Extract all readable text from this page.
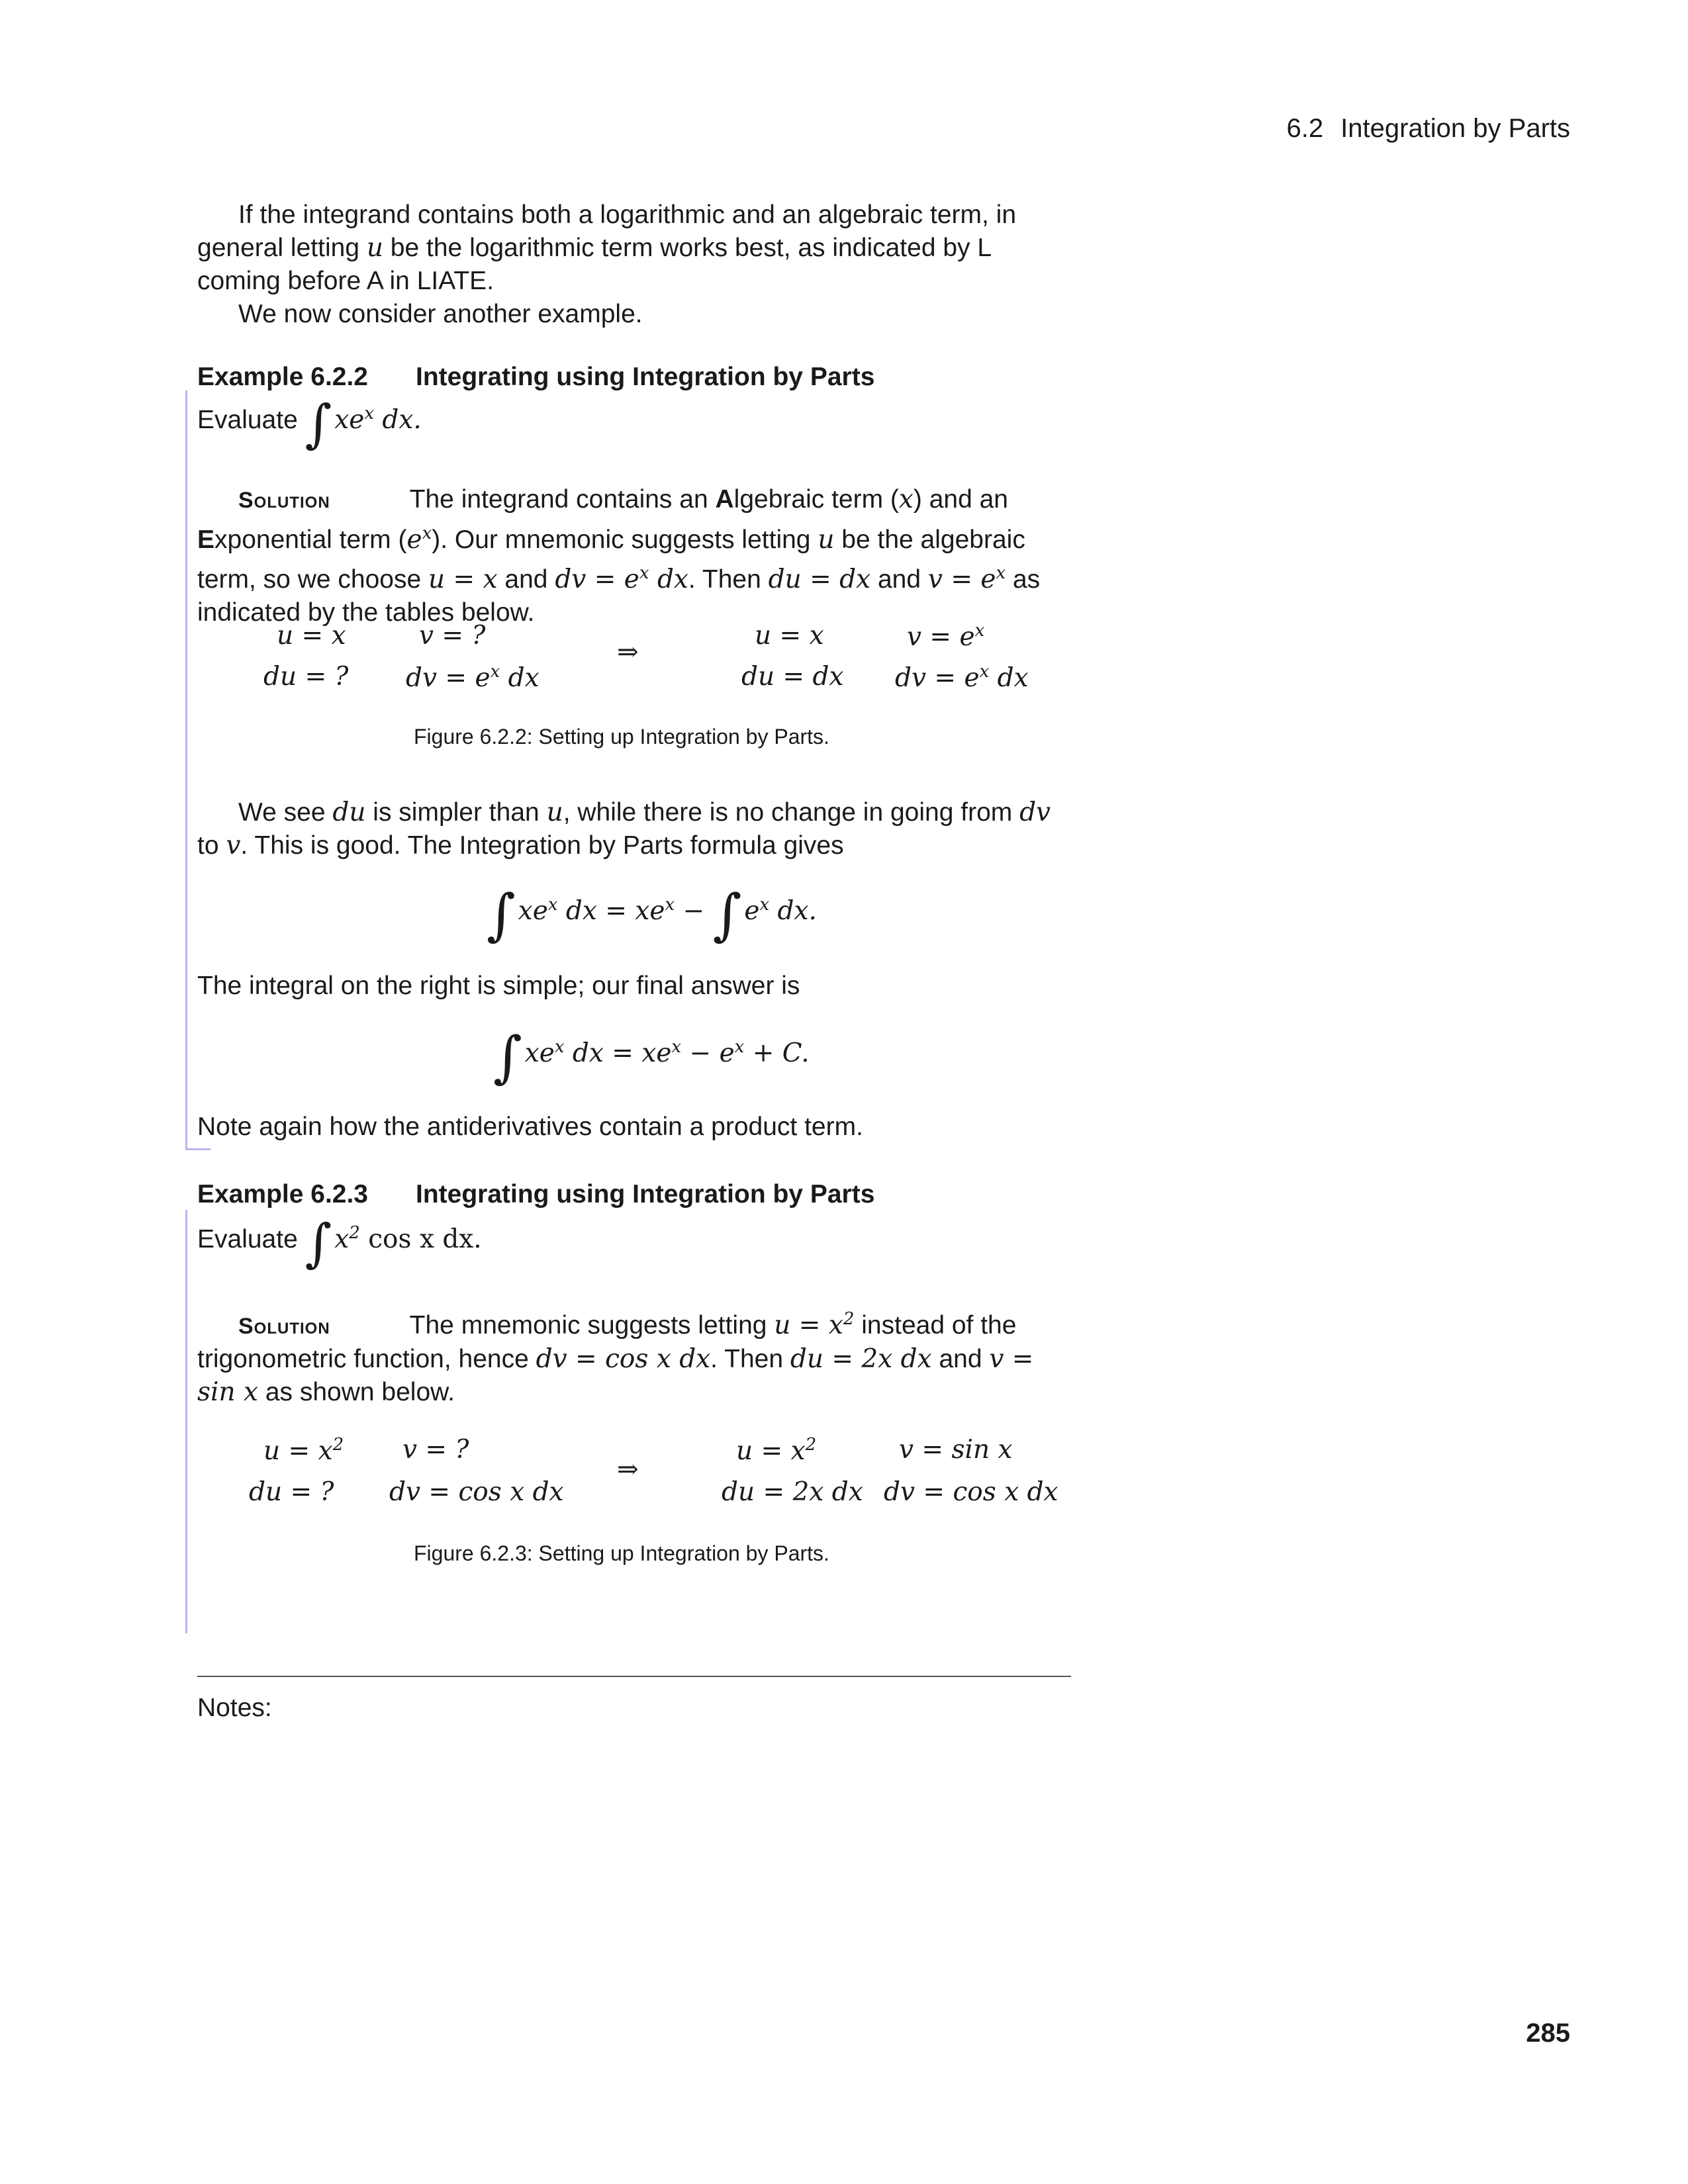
6.2 Integration by Parts
If the integrand contains both a logarithmic and an algebraic term, in general letting u be the logarithmic term works best, as indicated by L coming before A in LIATE.
We now consider another example.
Example 6.2.2 Integrating using Integration by Parts
Evaluate ∫ $xe^x$ dx.
Solution	The integrand contains an Algebraic term (x) and an Exponential term $(e^x)$. Our mnemonic suggests letting u be the algebraic term, so we choose u = x and dv = $e^x$ dx. Then du = dx and $v = e^x$ as indicated by the tables below.
u = x	v = ?
du = ? dv = $e^x$ dx
⇒
u = x	$v = e^x$
du = dx dv = $e^x$ dx
Figure 6.2.2: Setting up Integration by Parts.
We see du is simpler than u, while there is no change in going from dv to v. This is good. The Integration by Parts formula gives
∫ $xe^x$ dx = $xe^x$ − ∫ $e^x$ dx.
The integral on the right is simple; our final answer is
∫ $xe^x$ dx = $xe^x - e^x + C$.
Note again how the antiderivatives contain a product term.
Example 6.2.3 Integrating using Integration by Parts
Evaluate ∫ $x^2$ cos x dx.
Solution	The mnemonic suggests letting $u = x^2$ instead of the trigonometric function, hence dv = cos x dx. Then du = 2x dx and v = sin x as shown below.
$u = x^2$ v = ?
du = ? dv = cos x dx
⇒
$u = x^2$	v = sin x
du = 2x dx dv = cos x dx
Figure 6.2.3: Setting up Integration by Parts.
Notes:
285
